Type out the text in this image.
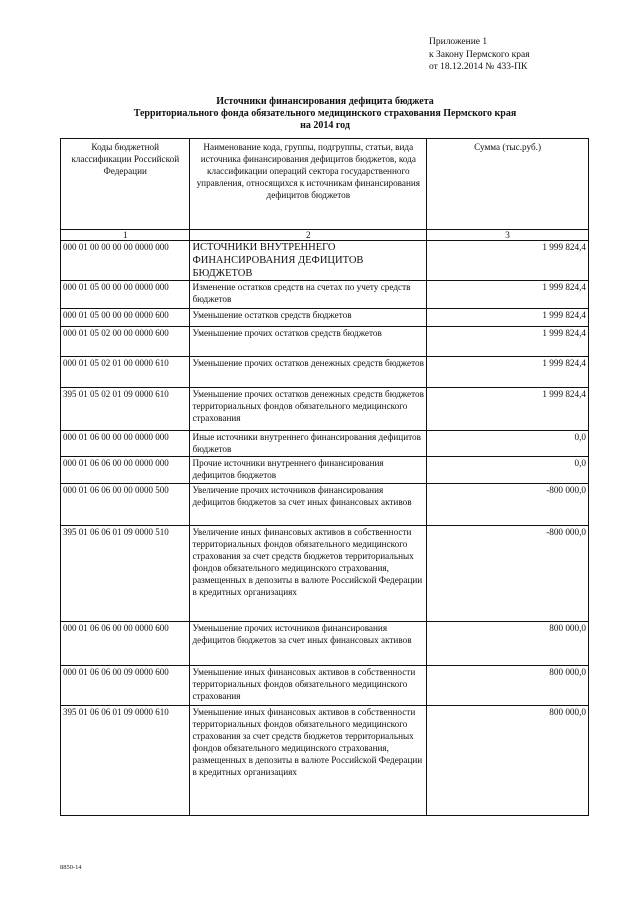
Приложение 1
к Закону Пермского края
от 18.12.2014 № 433-ПК
Источники финансирования дефицита бюджета
Территориального фонда обязательного медицинского страхования Пермского края
на 2014 год
Коды бюджетной классификации Российской Федерации	Наименование кода, группы, подгруппы, статьи, вида источника финансирования дефицитов бюджетов, кода классификации операций сектора государственного управления, относящихся к источникам финансирования дефицитов бюджетов	Сумма (тыс.руб.)
1	2	3
000 01 00 00 00 00 0000 000	ИСТОЧНИКИ ВНУТРЕННЕГО ФИНАНСИРОВАНИЯ ДЕФИЦИТОВ БЮДЖЕТОВ	1 999 824,4
000 01 05 00 00 00 0000 000	Изменение остатков средств на счетах по учету средств бюджетов	1 999 824,4
000 01 05 00 00 00 0000 600	Уменьшение остатков средств бюджетов	1 999 824,4
000 01 05 02 00 00 0000 600	Уменьшение прочих остатков средств бюджетов	1 999 824,4
000 01 05 02 01 00 0000 610	Уменьшение прочих остатков денежных средств бюджетов	1 999 824,4
395 01 05 02 01 09 0000 610	Уменьшение прочих остатков денежных средств бюджетов территориальных фондов обязательного медицинского страхования	1 999 824,4
000 01 06 00 00 00 0000 000	Иные источники внутреннего финансирования дефицитов бюджетов	0,0
000 01 06 06 00 00 0000 000	Прочие источники внутреннего финансирования дефицитов бюджетов	0,0
000 01 06 06 00 00 0000 500	Увеличение прочих источников финансирования дефицитов бюджетов за счет иных финансовых активов	-800 000,0
395 01 06 06 01 09 0000 510	Увеличение иных финансовых активов в собственности территориальных фондов обязательного медицинского страхования за счет средств бюджетов территориальных фондов обязательного медицинского страхования, размещенных в депозиты в валюте Российской Федерации в кредитных организациях	-800 000,0
000 01 06 06 00 00 0000 600	Уменьшение прочих источников финансирования дефицитов бюджетов за счет иных финансовых активов	800 000,0
000 01 06 06 00 09 0000 600	Уменьшение иных финансовых активов в собственности территориальных фондов обязательного медицинского страхования	800 000,0
395 01 06 06 01 09 0000 610	Уменьшение иных финансовых активов в собственности территориальных фондов обязательного медицинского страхования за счет средств бюджетов территориальных фондов обязательного медицинского страхования, размещенных в депозиты в валюте Российской Федерации в кредитных организациях	800 000,0
8850-14
